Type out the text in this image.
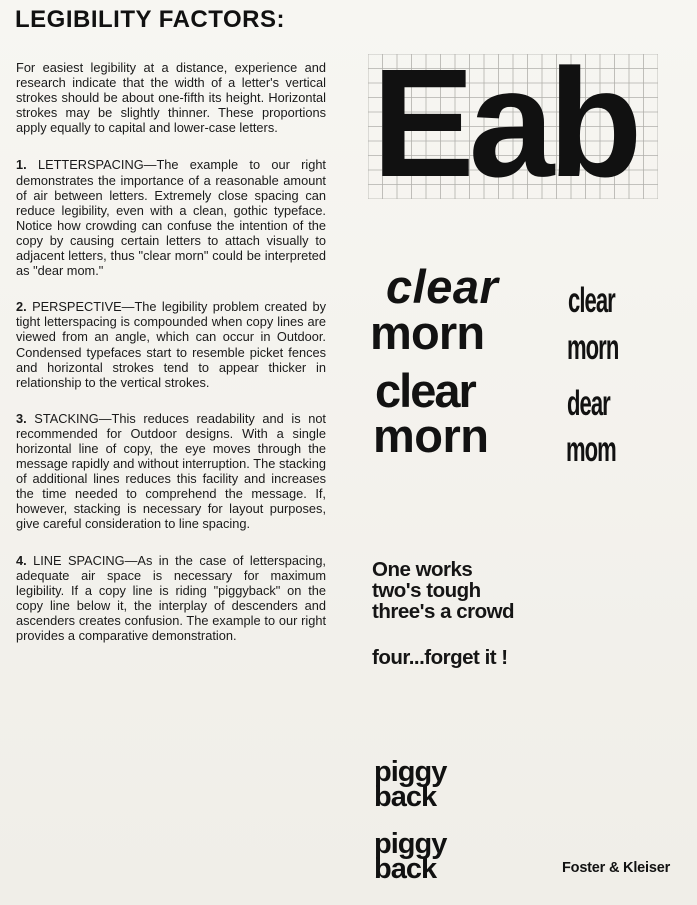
LEGIBILITY FACTORS:

For easiest legibility at a distance, experience and research indicate that the width of a letter's vertical strokes should be about one-fifth its height. Horizontal strokes may be slightly thinner. These proportions apply equally to capital and lower-case letters.

1. LETTERSPACING—The example to our right demonstrates the importance of a reasonable amount of air between letters. Extremely close spacing can reduce legibility, even with a clean, gothic typeface. Notice how crowding can confuse the intention of the copy by causing certain letters to attach visually to adjacent letters, thus "clear morn" could be interpreted as "dear mom."

2. PERSPECTIVE—The legibility problem created by tight letterspacing is compounded when copy lines are viewed from an angle, which can occur in Outdoor. Condensed typefaces start to resemble picket fences and horizontal strokes tend to appear thicker in relationship to the vertical strokes.

3. STACKING—This reduces readability and is not recommended for Outdoor designs. With a single horizontal line of copy, the eye moves through the message rapidly and without interruption. The stacking of additional lines reduces this facility and increases the time needed to comprehend the message. If, however, stacking is necessary for layout purposes, give careful consideration to line spacing.

4. LINE SPACING—As in the case of letterspacing, adequate air space is necessary for maximum legibility. If a copy line is riding "piggyback" on the copy line below it, the interplay of descenders and ascenders creates confusion. The example to our right provides a comparative demonstration.

Eab

clear

morn

clear

morn

clear

morn

dear

mom

One works

two's tough

three's a crowd

four...forget it !

piggy

back

piggy

back	Foster & Kleiser
